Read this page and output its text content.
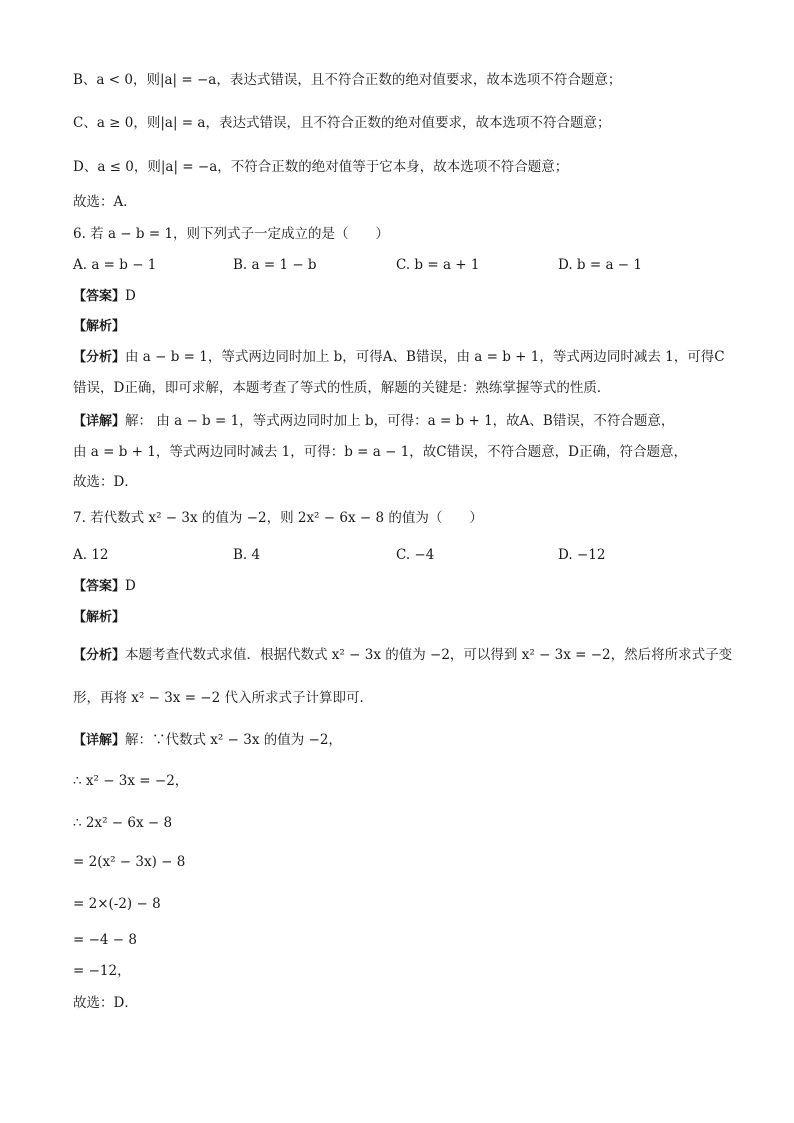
B、a < 0，则|a| = −a，表达式错误，且不符合正数的绝对值要求，故本选项不符合题意；
C、a ≥ 0，则|a| = a，表达式错误，且不符合正数的绝对值要求，故本选项不符合题意；
D、a ≤ 0，则|a| = −a，不符合正数的绝对值等于它本身，故本选项不符合题意；
故选：A．
6. 若 a − b = 1，则下列式子一定成立的是（　　）
A. a = b − 1	B. a = 1 − b	C. b = a + 1	D. b = a − 1
【答案】D
【解析】
【分析】由 a − b = 1，等式两边同时加上 b，可得A、B错误，由 a = b + 1，等式两边同时减去 1，可得C
错误，D正确，即可求解，本题考查了等式的性质，解题的关键是：熟练掌握等式的性质．
【详解】解： 由 a − b = 1，等式两边同时加上 b，可得：a = b + 1，故A、B错误，不符合题意，
由 a = b + 1，等式两边同时减去 1，可得：b = a − 1，故C错误，不符合题意，D正确，符合题意，
故选：D．
7. 若代数式 x² − 3x 的值为 −2，则 2x² − 6x − 8 的值为（　　）
A. 12	B. 4	C. −4	D. −12
【答案】D
【解析】
【分析】本题考查代数式求值．根据代数式 x² − 3x 的值为 −2，可以得到 x² − 3x = −2，然后将所求式子变
形，再将 x² − 3x = −2 代入所求式子计算即可．
【详解】解：∵代数式 x² − 3x 的值为 −2，
∴ x² − 3x = −2，
∴ 2x² − 6x − 8
= 2(x² − 3x) − 8
= 2×(-2) − 8
= −4 − 8
= −12，
故选：D．
